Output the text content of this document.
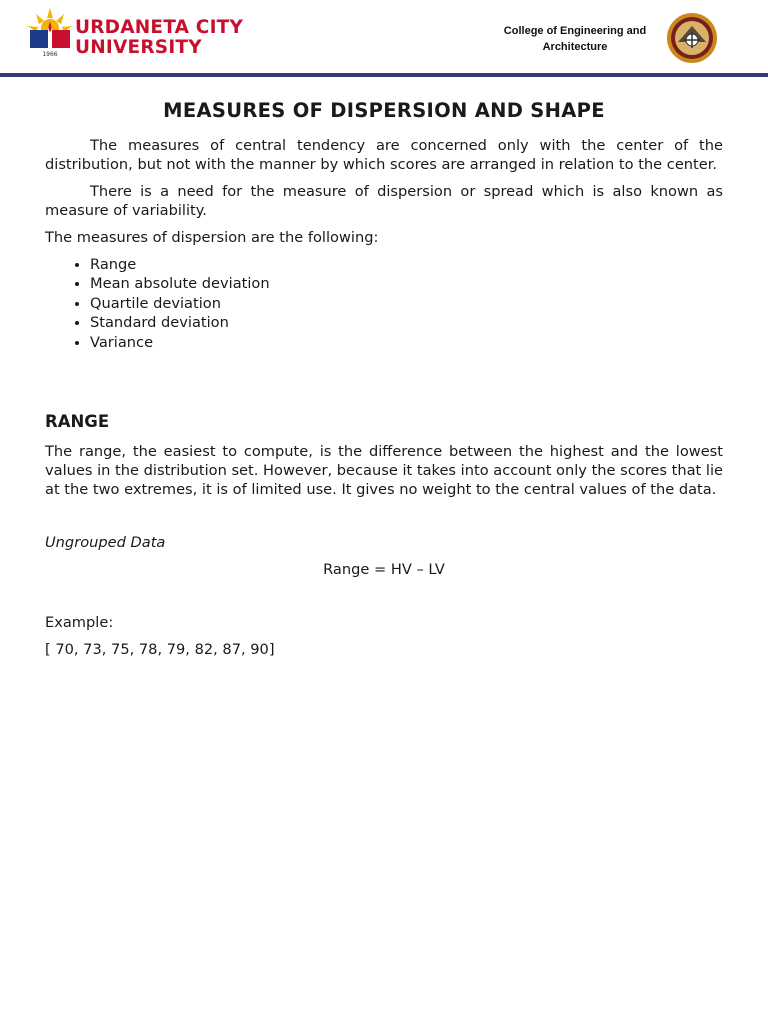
1966
URDANETA CITY
UNIVERSITY
College of Engineering and
Architecture
MEASURES OF DISPERSION AND SHAPE

The measures of central tendency are concerned only with the center of the distribution, but not with the manner by which scores are arranged in relation to the center.

There is a need for the measure of dispersion or spread which is also known as measure of variability.

The measures of dispersion are the following:

• Range
• Mean absolute deviation
• Quartile deviation
• Standard deviation
• Variance
RANGE

The range, the easiest to compute, is the difference between the highest and the lowest values in the distribution set. However, because it takes into account only the scores that lie at the two extremes, it is of limited use. It gives no weight to the central values of the data.

Ungrouped Data

Range = HV – LV

Example:

[ 70, 73, 75, 78, 79, 82, 87, 90]
